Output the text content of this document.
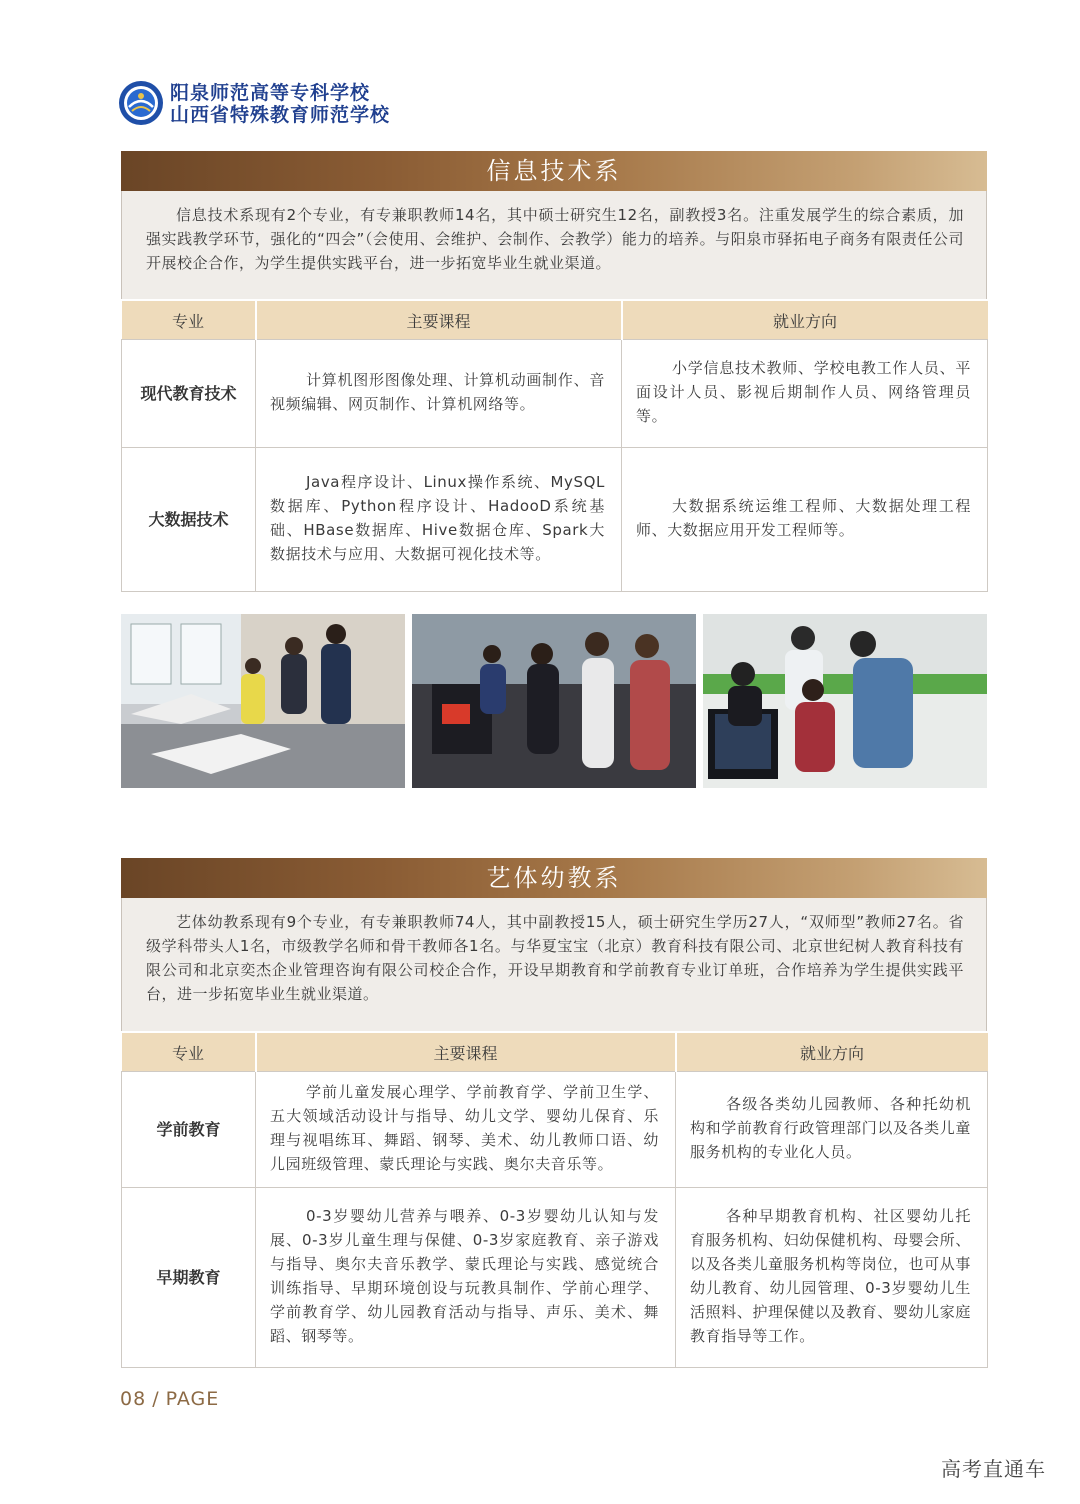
阳泉师范高等专科学校
山西省特殊教育师范学校
信息技术系
信息技术系现有2个专业，有专兼职教师14名，其中硕士研究生12名，副教授3名。注重发展学生的综合素质，加强实践教学环节，强化的“四会”（会使用、会维护、会制作、会教学）能力的培养。与阳泉市驿拓电子商务有限责任公司开展校企合作，为学生提供实践平台，进一步拓宽毕业生就业渠道。
专业	主要课程	就业方向
现代教育技术	计算机图形图像处理、计算机动画制作、音视频编辑、网页制作、计算机网络等。	小学信息技术教师、学校电教工作人员、平面设计人员、影视后期制作人员、网络管理员等。
大数据技术	Java程序设计、Linux操作系统、MySQL数据库、Python程序设计、HadooD系统基础、HBase数据库、Hive数据仓库、Spark大数据技术与应用、大数据可视化技术等。	大数据系统运维工程师、大数据处理工程师、大数据应用开发工程师等。
艺体幼教系
艺体幼教系现有9个专业，有专兼职教师74人，其中副教授15人，硕士研究生学历27人，“双师型”教师27名。省级学科带头人1名，市级教学名师和骨干教师各1名。与华夏宝宝（北京）教育科技有限公司、北京世纪树人教育科技有限公司和北京奕杰企业管理咨询有限公司校企合作，开设早期教育和学前教育专业订单班，合作培养为学生提供实践平台，进一步拓宽毕业生就业渠道。
专业	主要课程	就业方向
学前教育	学前儿童发展心理学、学前教育学、学前卫生学、五大领域活动设计与指导、幼儿文学、婴幼儿保育、乐理与视唱练耳、舞蹈、钢琴、美术、幼儿教师口语、幼儿园班级管理、蒙氏理论与实践、奥尔夫音乐等。	各级各类幼儿园教师、各种托幼机构和学前教育行政管理部门以及各类儿童服务机构的专业化人员。
早期教育	0-3岁婴幼儿营养与喂养、0-3岁婴幼儿认知与发展、0-3岁儿童生理与保健、0-3岁家庭教育、亲子游戏与指导、奥尔夫音乐教学、蒙氏理论与实践、感觉统合训练指导、早期环境创设与玩教具制作、学前心理学、学前教育学、幼儿园教育活动与指导、声乐、美术、舞蹈、钢琴等。	各种早期教育机构、社区婴幼儿托育服务机构、妇幼保健机构、母婴会所、以及各类儿童服务机构等岗位，也可从事幼儿教育、幼儿园管理、0-3岁婴幼儿生活照料、护理保健以及教育、婴幼儿家庭教育指导等工作。
08 / PAGE
高考直通车
